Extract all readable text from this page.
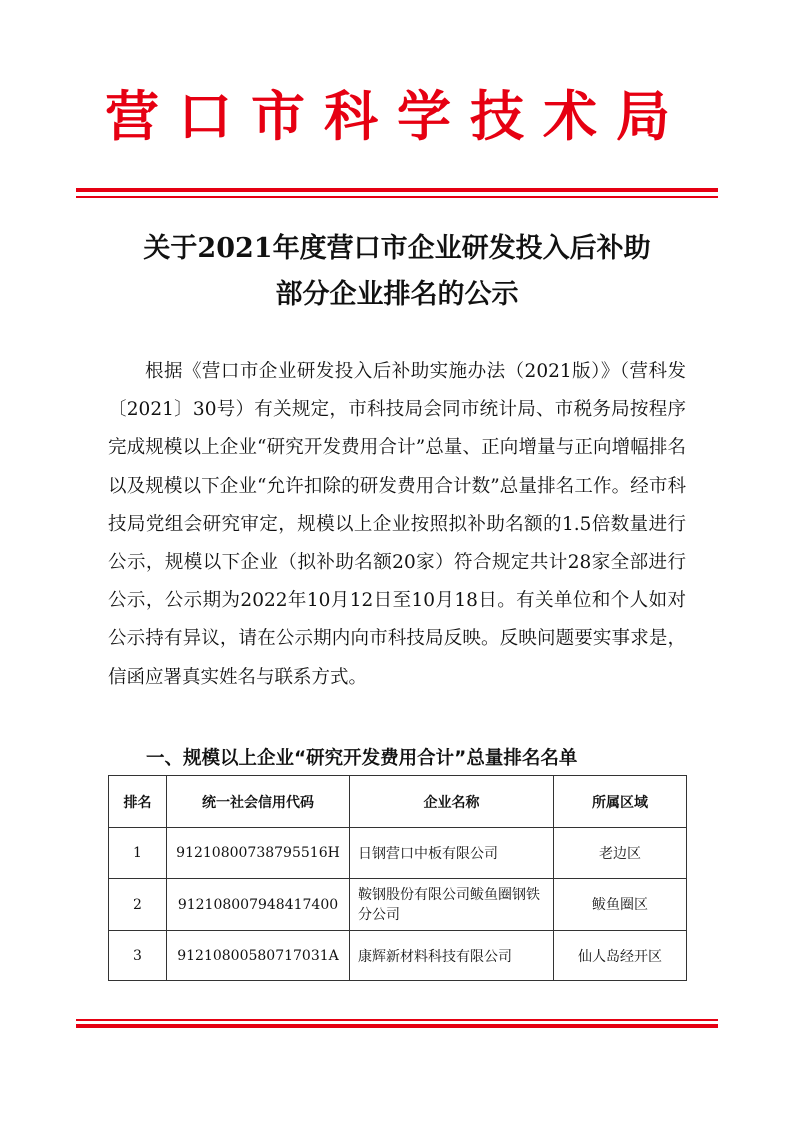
营口市科学技术局
关于2021年度营口市企业研发投入后补助
部分企业排名的公示

根据《营口市企业研发投入后补助实施办法（2021版）》（营科发〔2021〕30号）有关规定，市科技局会同市统计局、市税务局按程序完成规模以上企业“研究开发费用合计”总量、正向增量与正向增幅排名以及规模以下企业“允许扣除的研发费用合计数”总量排名工作。经市科技局党组会研究审定，规模以上企业按照拟补助名额的1.5倍数量进行公示，规模以下企业（拟补助名额20家）符合规定共计28家全部进行公示，公示期为2022年10月12日至10月18日。有关单位和个人如对公示持有异议，请在公示期内向市科技局反映。反映问题要实事求是，信函应署真实姓名与联系方式。

一、规模以上企业“研究开发费用合计”总量排名名单
排名	统一社会信用代码	企业名称	所属区域
1	91210800738795516H	日钢营口中板有限公司	老边区
2	912108007948417400	鞍钢股份有限公司鲅鱼圈钢铁分公司	鲅鱼圈区
3	91210800580717031A	康辉新材料科技有限公司	仙人岛经开区
